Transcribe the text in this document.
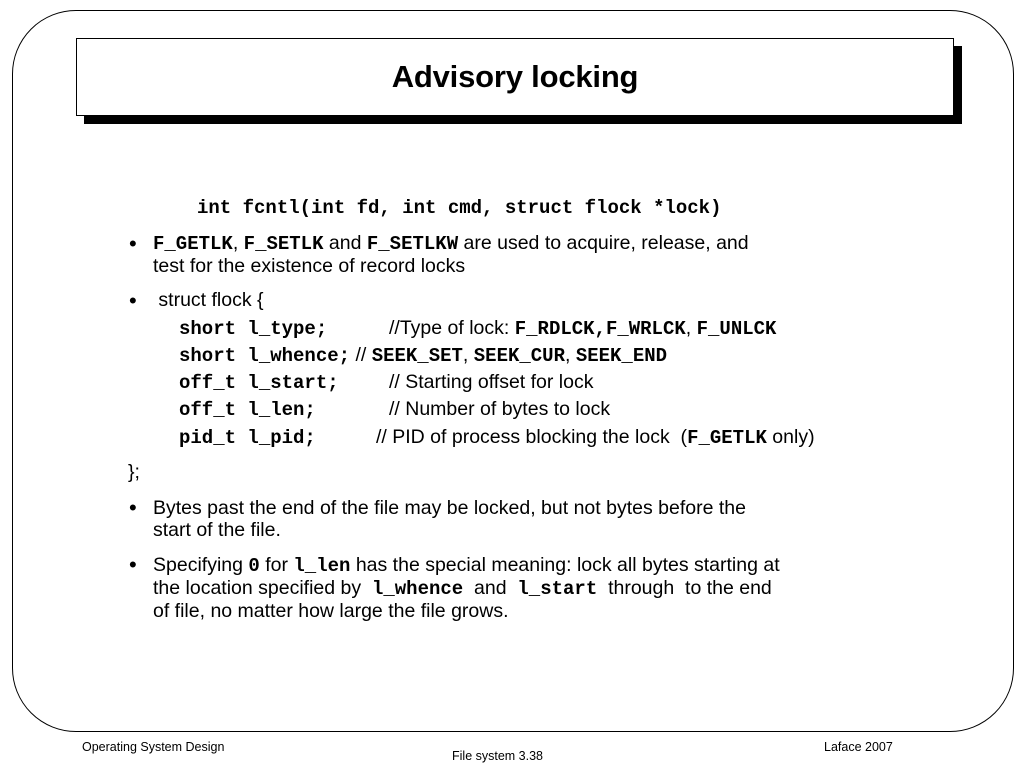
Advisory locking
int fcntl(int fd, int cmd, struct flock *lock)
• F_GETLK, F_SETLK and F_SETLKW are used to acquire, release, and
test for the existence of record locks
• struct flock {
short l_type;	//Type of lock: F_RDLCK,F_WRLCK, F_UNLCK
short l_whence; // SEEK_SET, SEEK_CUR, SEEK_END
off_t l_start;	// Starting offset for lock
off_t l_len;	// Number of bytes to lock
pid_t l_pid;	// PID of process blocking the lock  (F_GETLK only)
};
• Bytes past the end of the file may be locked, but not bytes before the
start of the file.
• Specifying 0 for l_len has the special meaning: lock all bytes starting at
the location specified by  l_whence  and  l_start  through  to the end
of file, no matter how large the file grows.
Operating System Design
File system 3.38
Laface 2007
